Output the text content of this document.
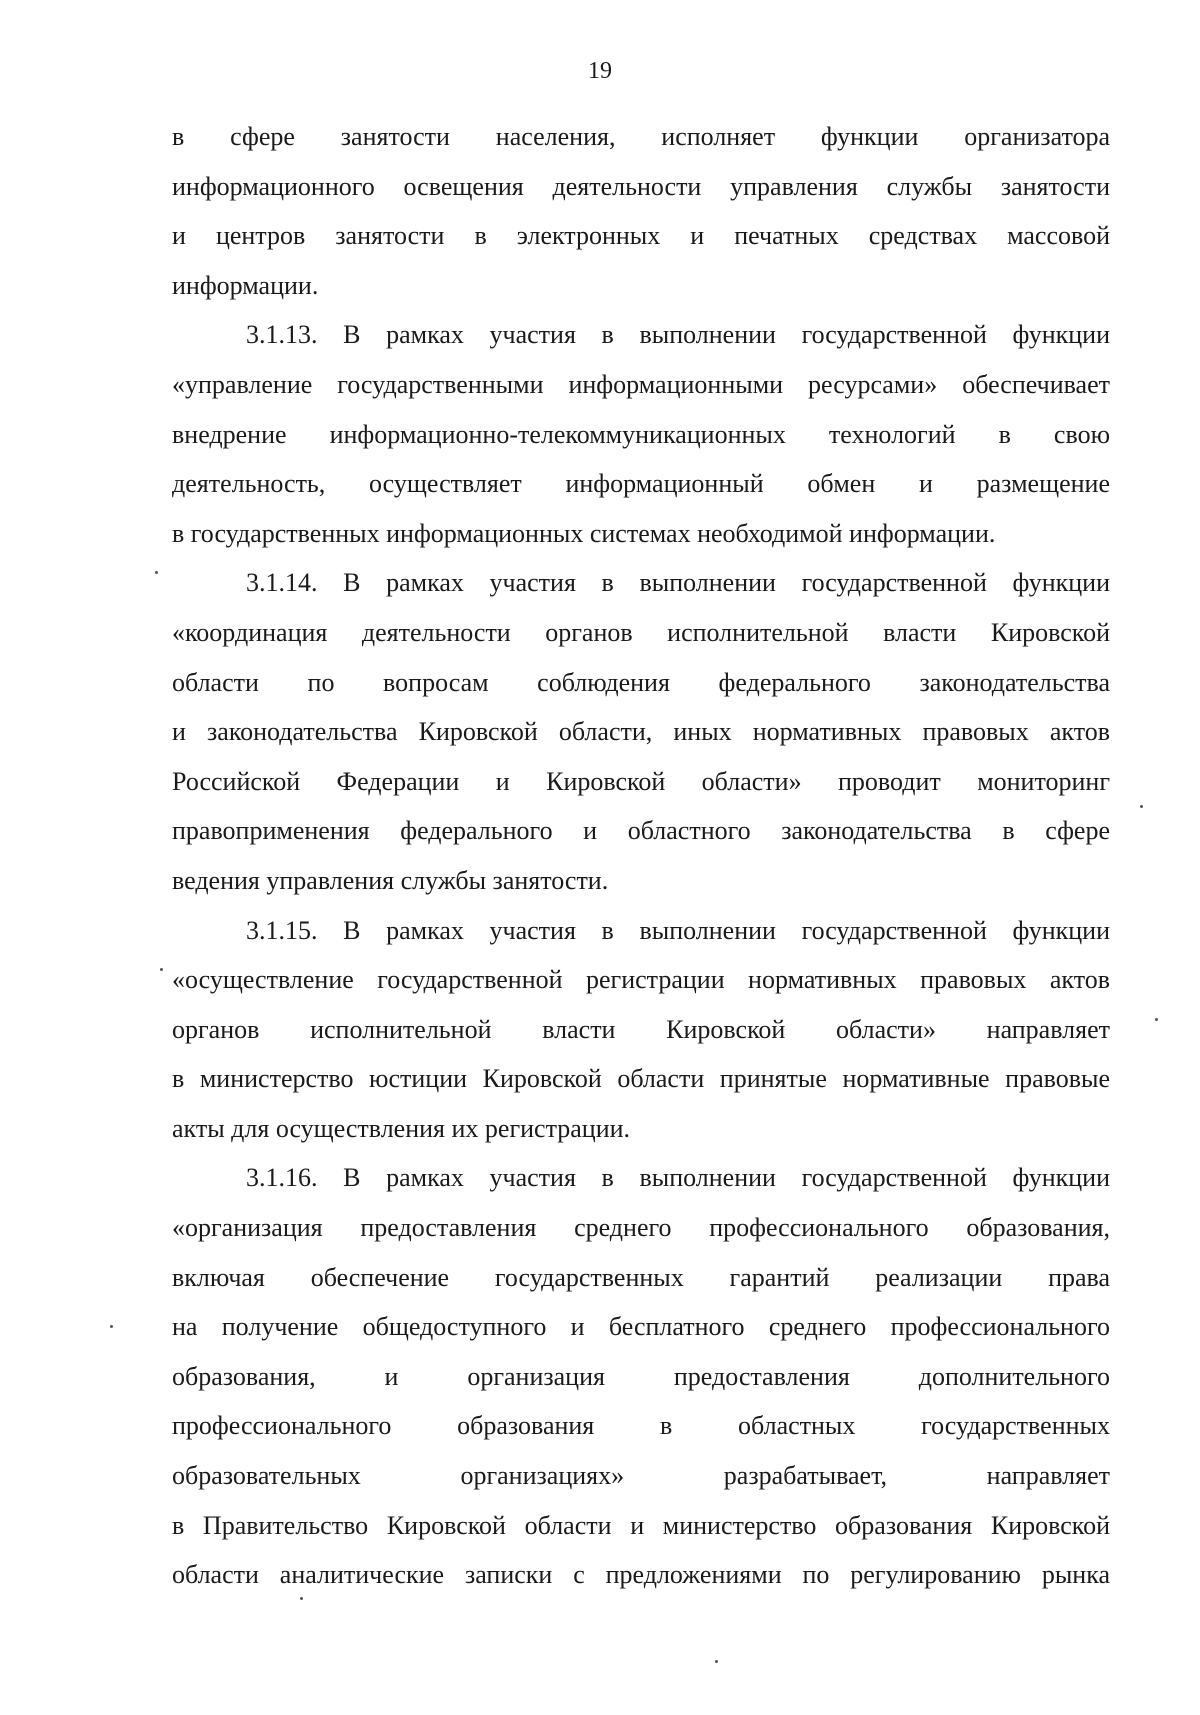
19
в сфере занятости населения, исполняет функции организатора
информационного освещения деятельности управления службы занятости
и центров занятости в электронных и печатных средствах массовой
информации.
3.1.13. В рамках участия в выполнении государственной функции
«управление государственными информационными ресурсами» обеспечивает
внедрение информационно-телекоммуникационных технологий в свою
деятельность, осуществляет информационный обмен и размещение
в государственных информационных системах необходимой информации.
3.1.14. В рамках участия в выполнении государственной функции
«координация деятельности органов исполнительной власти Кировской
области по вопросам соблюдения федерального законодательства
и законодательства Кировской области, иных нормативных правовых актов
Российской Федерации и Кировской области» проводит мониторинг
правоприменения федерального и областного законодательства в сфере
ведения управления службы занятости.
3.1.15. В рамках участия в выполнении государственной функции
«осуществление государственной регистрации нормативных правовых актов
органов исполнительной власти Кировской области» направляет
в министерство юстиции Кировской области принятые нормативные правовые
акты для осуществления их регистрации.
3.1.16. В рамках участия в выполнении государственной функции
«организация предоставления среднего профессионального образования,
включая обеспечение государственных гарантий реализации права
на получение общедоступного и бесплатного среднего профессионального
образования, и организация предоставления дополнительного
профессионального образования в областных государственных
образовательных организациях» разрабатывает, направляет
в Правительство Кировской области и министерство образования Кировской
области аналитические записки с предложениями по регулированию рынка
